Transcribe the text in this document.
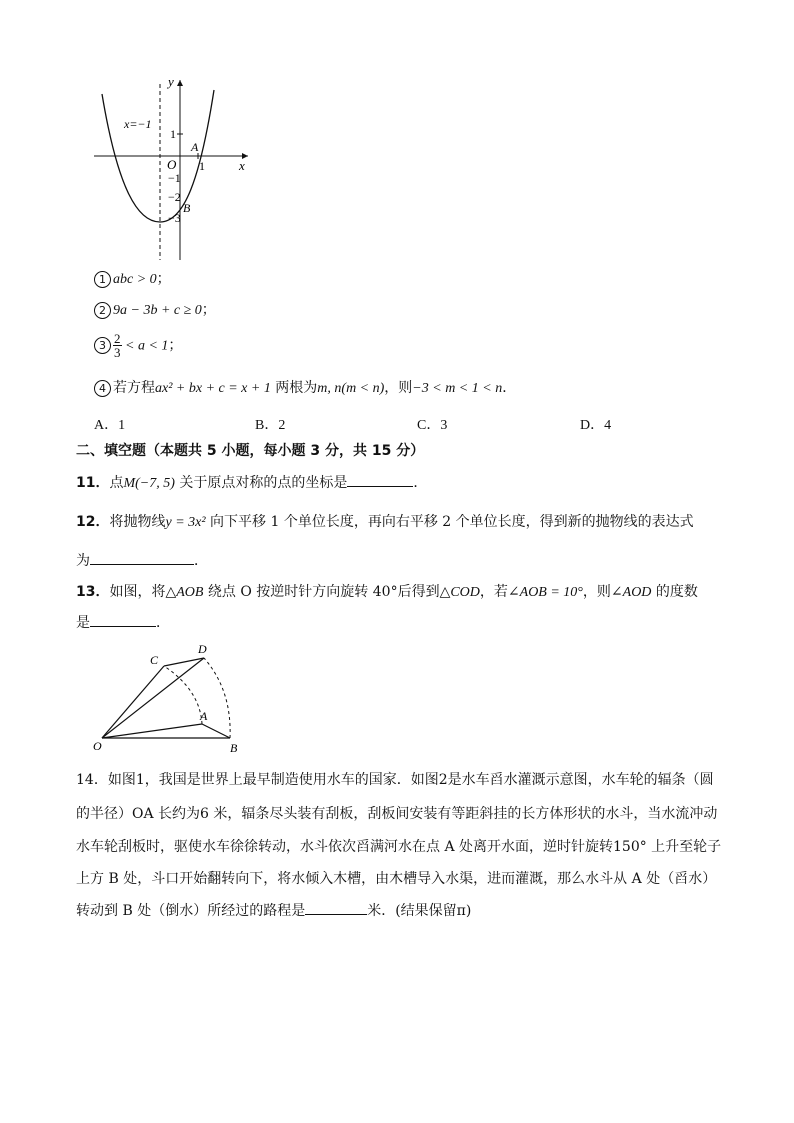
y
x
x=−1
1
1
O
A
−1
−2
B
−3
1 abc > 0；
2 9a − 3b + c ≥ 0；
$3 \frac{2}{3} < a < 1$；
4 若方程ax² + bx + c = x + 1 两根为m, n(m < n)，则−3 < m < 1 < n．
A．1	B．2	C．3	D．4
二、填空题（本题共 5 小题，每小题 3 分，共 15 分）
11．点M(−7, 5) 关于原点对称的点的坐标是	．
12．将抛物线y = 3x² 向下平移 1 个单位长度，再向右平移 2 个单位长度，得到新的抛物线的表达式
为	．
13．如图，将△AOB 绕点 O 按逆时针方向旋转 40°后得到△COD，若∠AOB = 10°，则∠AOD 的度数
是	．
C
D
A
O	B
14．如图1，我国是世界上最早制造使用水车的国家．如图2是水车舀水灌溉示意图，水车轮的辐条（圆
的半径）OA 长约为6 米，辐条尽头装有刮板，刮板间安装有等距斜挂的长方体形状的水斗，当水流冲动
水车轮刮板时，驱使水车徐徐转动，水斗依次舀满河水在点 A 处离开水面，逆时针旋转150° 上升至轮子
上方 B 处，斗口开始翻转向下，将水倾入木槽，由木槽导入水渠，进而灌溉，那么水斗从 A 处（舀水）
转动到 B 处（倒水）所经过的路程是	米．(结果保留π)
